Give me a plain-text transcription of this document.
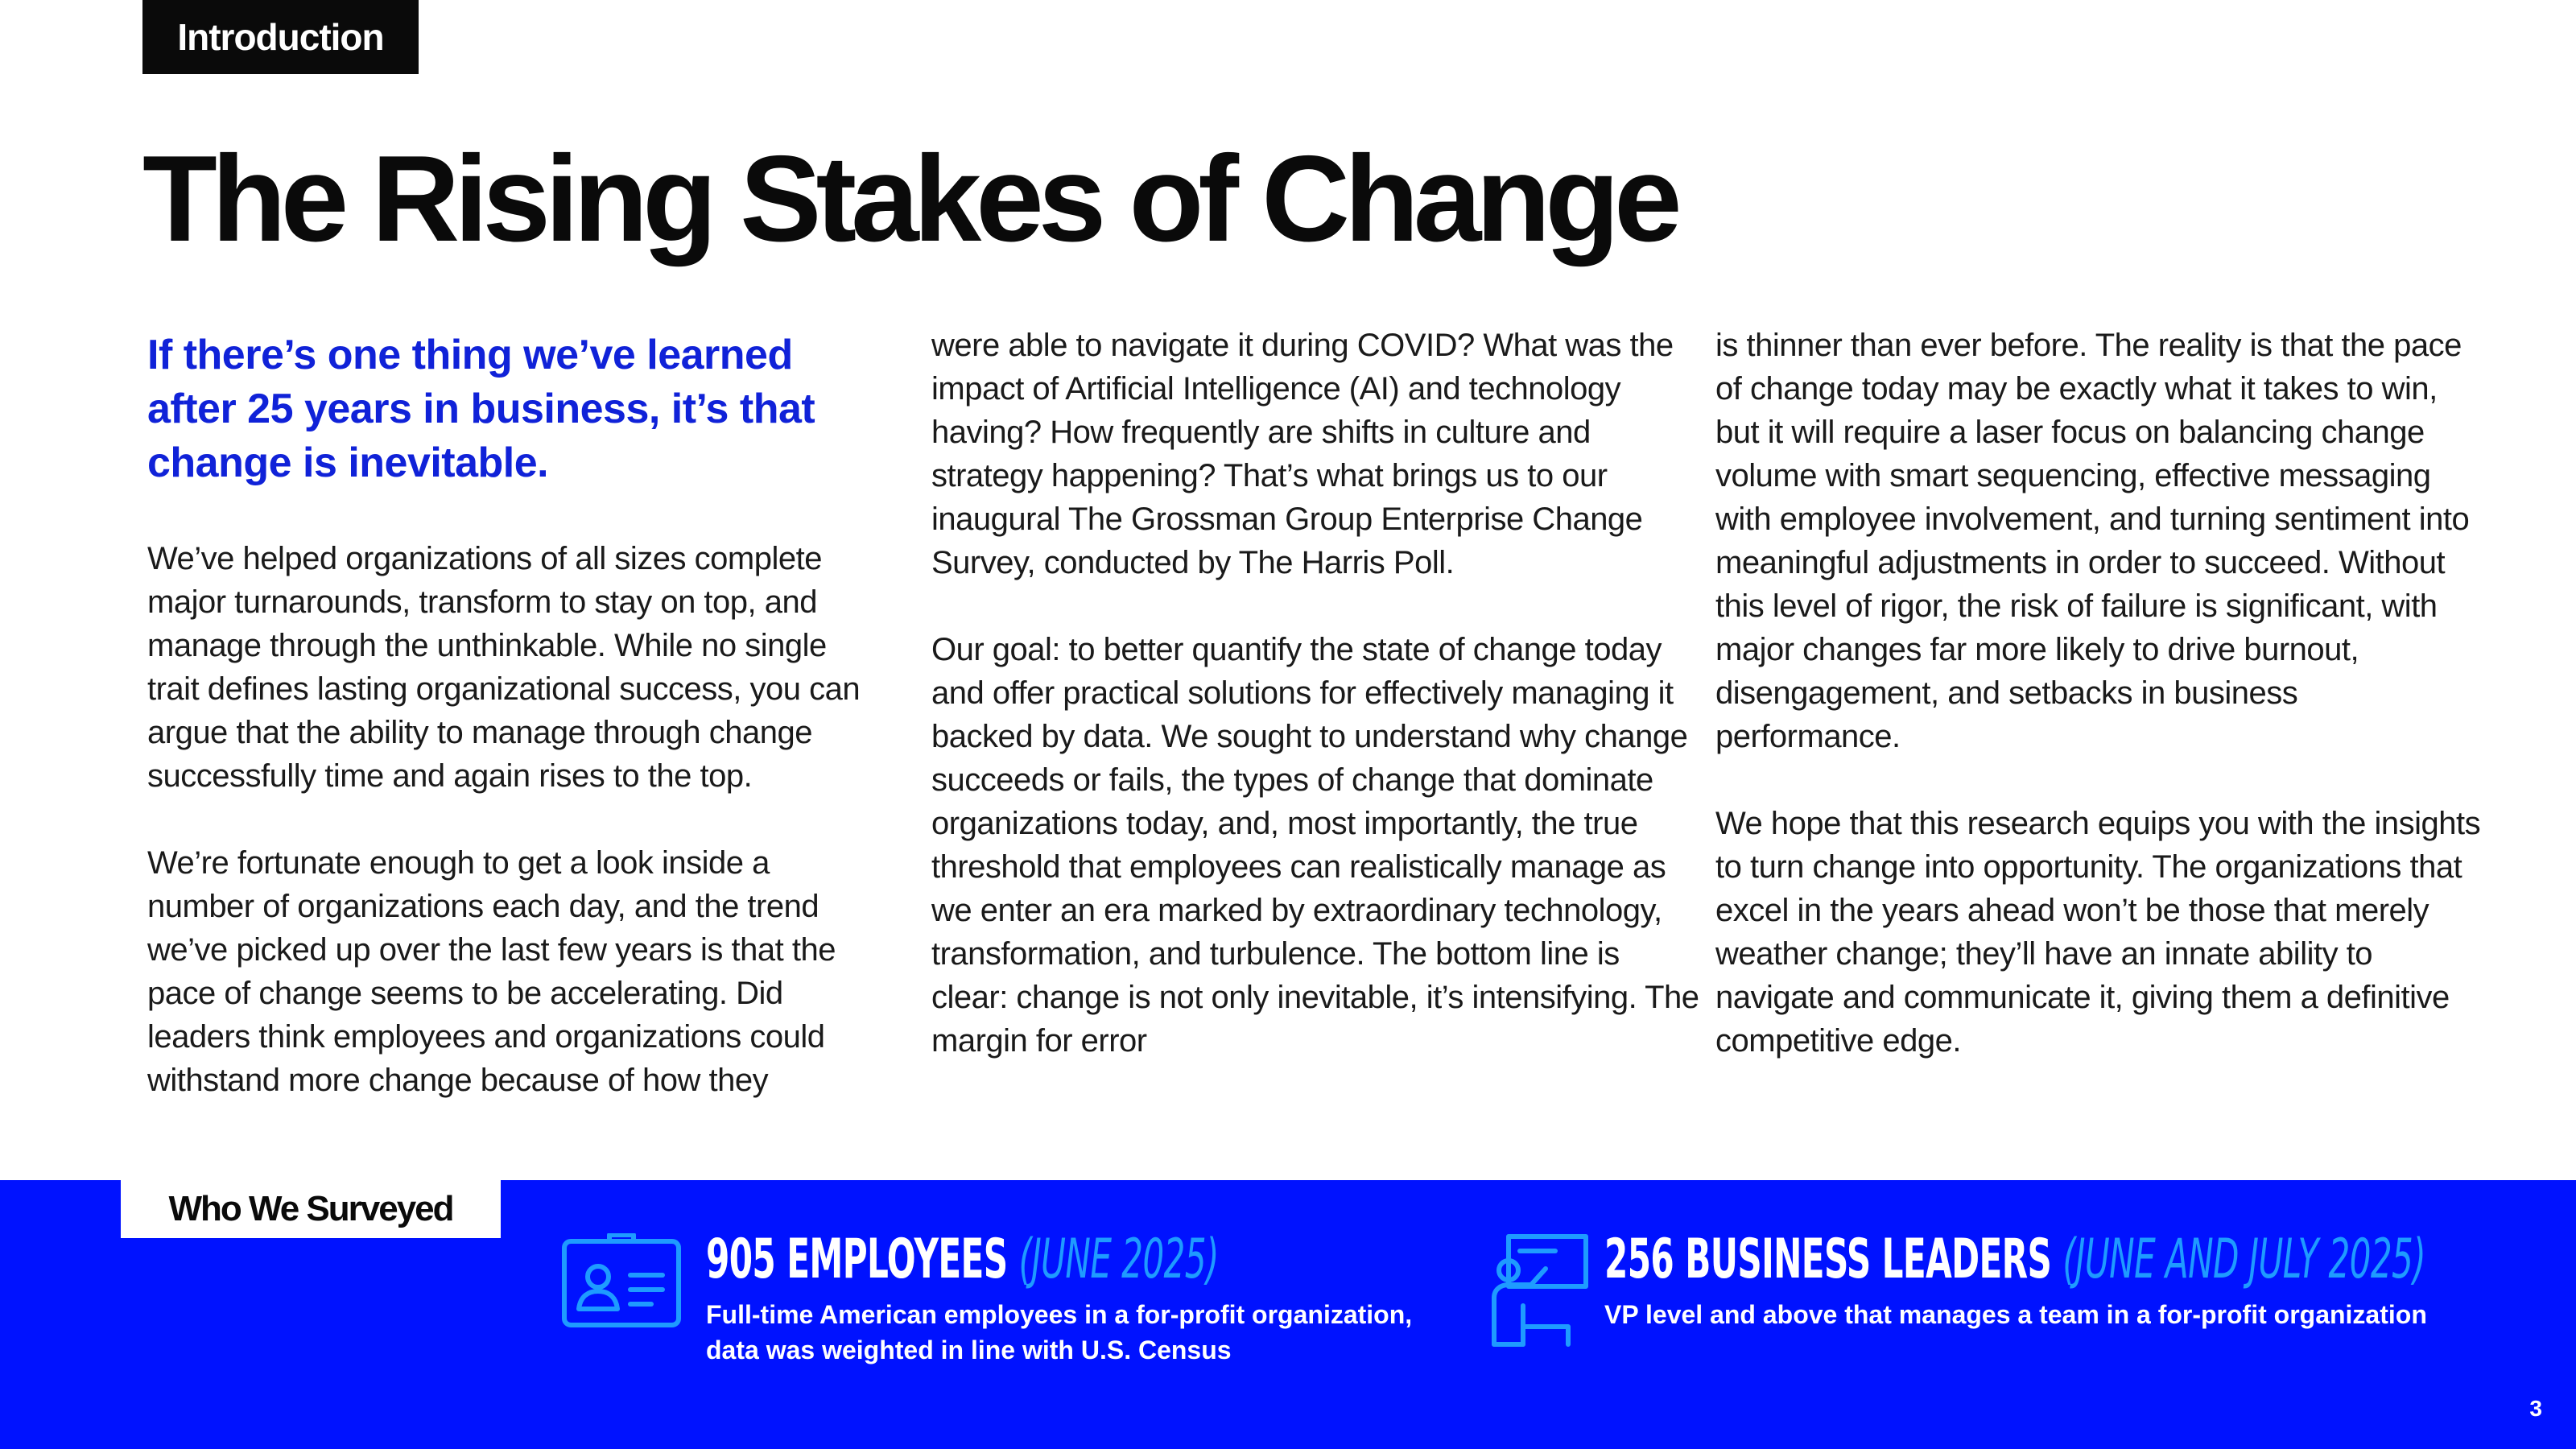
Introduction
The Rising Stakes of Change

If there’s one thing we’ve learned after 25 years in business, it’s that change is inevitable.

We’ve helped organizations of all sizes complete major turnarounds, transform to stay on top, and manage through the unthinkable. While no single trait defines lasting organizational success, you can argue that the ability to manage through change successfully time and again rises to the top.

We’re fortunate enough to get a look inside a number of organizations each day, and the trend we’ve picked up over the last few years is that the pace of change seems to be accelerating. Did leaders think employees and organizations could withstand more change because of how they

were able to navigate it during COVID? What was the impact of Artificial Intelligence (AI) and technology having? How frequently are shifts in culture and strategy happening? That’s what brings us to our inaugural The Grossman Group Enterprise Change Survey, conducted by The Harris Poll.

Our goal: to better quantify the state of change today and offer practical solutions for effectively managing it backed by data. We sought to understand why change succeeds or fails, the types of change that dominate organizations today, and, most importantly, the true threshold that employees can realistically manage as we enter an era marked by extraordinary technology, transformation, and turbulence. The bottom line is clear: change is not only inevitable, it’s intensifying. The margin for error

is thinner than ever before. The reality is that the pace of change today may be exactly what it takes to win, but it will require a laser focus on balancing change volume with smart sequencing, effective messaging with employee involvement, and turning sentiment into meaningful adjustments in order to succeed. Without this level of rigor, the risk of failure is significant, with major changes far more likely to drive burnout, disengagement, and setbacks in business performance.

We hope that this research equips you with the insights to turn change into opportunity. The organizations that excel in the years ahead won’t be those that merely weather change; they’ll have an innate ability to navigate and communicate it, giving them a definitive competitive edge.

Who We Surveyed
905 EMPLOYEES (JUNE 2025)
Full-time American employees in a for-profit organization,
data was weighted in line with U.S. Census
256 BUSINESS LEADERS (JUNE AND JULY 2025)
VP level and above that manages a team in a for-profit organization
3
